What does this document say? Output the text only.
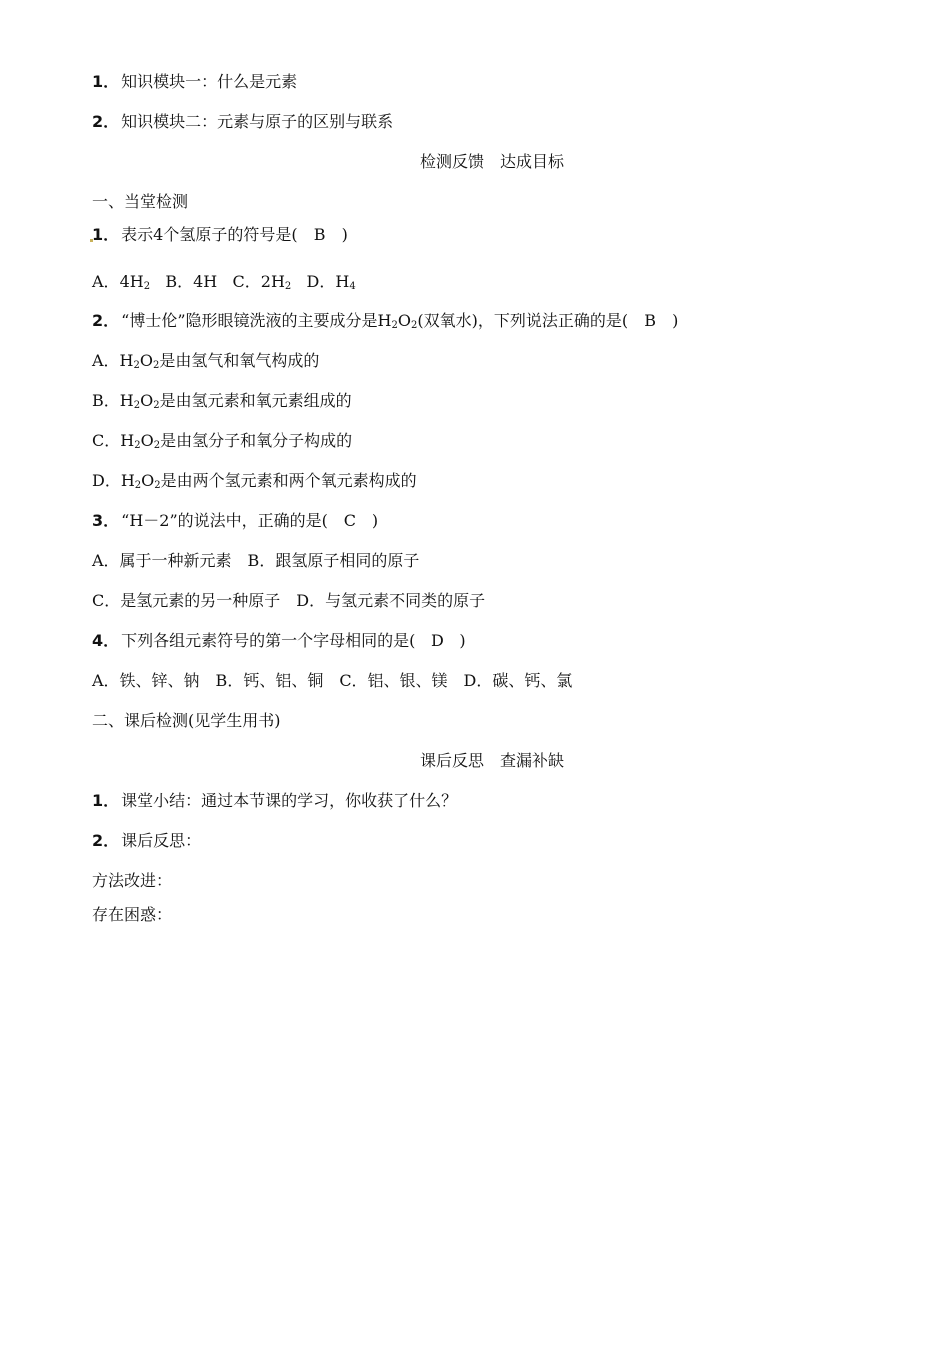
1． 知识模块一：什么是元素
2． 知识模块二：元素与原子的区别与联系
检测反馈　达成目标
一、当堂检测
1． 表示4个氢原子的符号是( B )
A．$4H_2$ B．4H C．$2H_2$ D．$H_4$
2． “博士伦”隐形眼镜洗液的主要成分是$H_2O_2$(双氧水)，下列说法正确的是( B )
A．$H_2O_2$是由氢气和氧气构成的
B．$H_2O_2$是由氢元素和氧元素组成的
C．$H_2O_2$是由氢分子和氧分子构成的
D．$H_2O_2$是由两个氢元素和两个氧元素构成的
3． “H－2”的说法中，正确的是( C )
A．属于一种新元素　B．跟氢原子相同的原子
C．是氢元素的另一种原子　D．与氢元素不同类的原子
4． 下列各组元素符号的第一个字母相同的是( D )
A．铁、锌、钠　B．钙、铝、铜　C．铝、银、镁　D．碳、钙、氯
二、课后检测(见学生用书)
课后反思　查漏补缺
1． 课堂小结：通过本节课的学习，你收获了什么？
2． 课后反思：
方法改进：
存在困惑：
